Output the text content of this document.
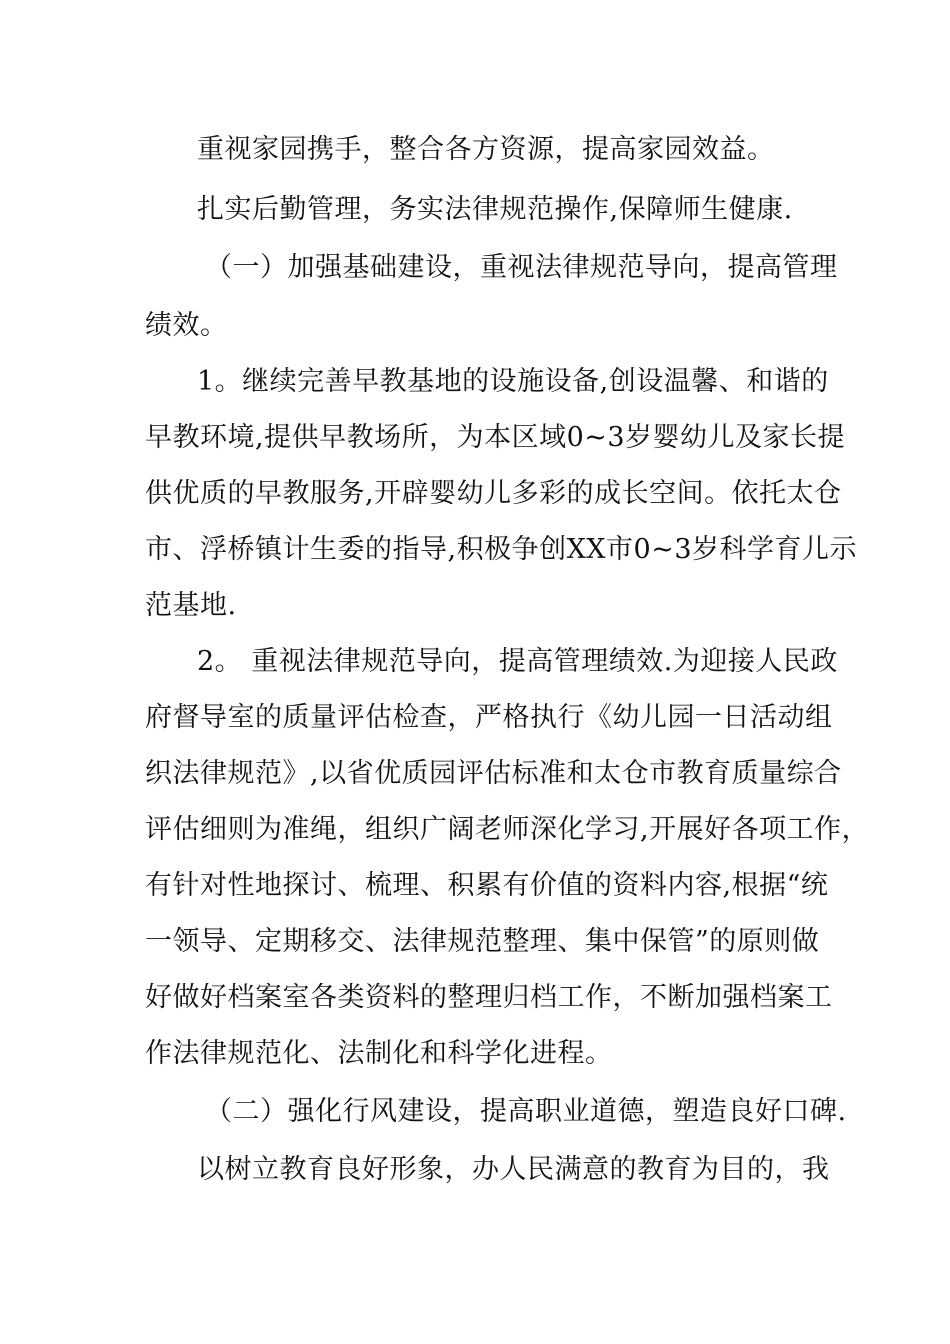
重视家园携手，整合各方资源，提高家园效益。
扎实后勤管理，务实法律规范操作,保障师生健康.
（一）加强基础建设，重视法律规范导向，提高管理
绩效。
1。继续完善早教基地的设施设备,创设温馨、和谐的
早教环境,提供早教场所，为本区域0~3岁婴幼儿及家长提
供优质的早教服务,开辟婴幼儿多彩的成长空间。依托太仓
市、浮桥镇计生委的指导,积极争创XX市0~3岁科学育儿示
范基地.
2。 重视法律规范导向，提高管理绩效.为迎接人民政
府督导室的质量评估检查，严格执行《幼儿园一日活动组
织法律规范》,以省优质园评估标准和太仓市教育质量综合
评估细则为准绳，组织广阔老师深化学习,开展好各项工作，
有针对性地探讨、梳理、积累有价值的资料内容,根据“统
一领导、定期移交、法律规范整理、集中保管”的原则做
好做好档案室各类资料的整理归档工作，不断加强档案工
作法律规范化、法制化和科学化进程。
（二）强化行风建设，提高职业道德，塑造良好口碑.
以树立教育良好形象，办人民满意的教育为目的，我
